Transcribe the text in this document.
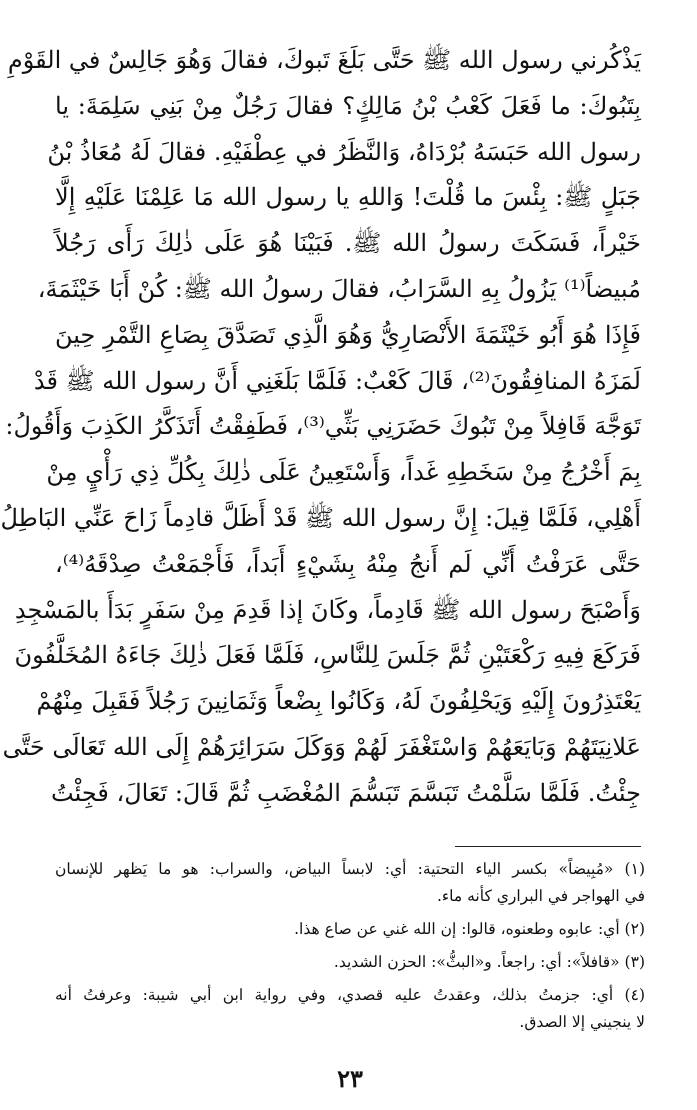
يَذْكُرني رسول الله ﷺ حَتَّى بَلَغَ تَبوكَ، فقالَ وَهُوَ جَالِسٌ في القَوْمِ
بِتَبُوكَ: ما فَعَلَ كَعْبُ بْنُ مَالِكٍ؟ فقالَ رَجُلٌ مِنْ بَنِي سَلِمَةَ: يا
رسول الله حَبَسَهُ بُرْدَاهُ، وَالنَّظَرُ في عِطْفَيْهِ. فقالَ لَهُ مُعَاذُ بْنُ
جَبَلٍ ﷺ: بِئْسَ ما قُلْتَ! وَاللهِ يا رسول الله مَا عَلِمْنَا عَلَيْهِ إِلَّا
خَيْراً، فَسَكَتَ رسولُ الله ﷺ. فَبَيْنَا هُوَ عَلَى ذٰلِكَ رَأَى رَجُلاً
مُبيضاً⁽¹⁾ يَزُولُ بِهِ السَّرَابُ، فقالَ رسولُ الله ﷺ: كُنْ أَبَا خَيْثَمَةَ،
فَإِذَا هُوَ أَبُو خَيْثَمَةَ الأَنْصَارِيُّ وَهُوَ الَّذِي تَصَدَّقَ بِصَاعِ التَّمْرِ حِينَ
لَمَزَهُ المنافِقُونَ⁽²⁾، قَالَ كَعْبٌ: فَلَمَّا بَلَغَنِي أَنَّ رسول الله ﷺ قَدْ
تَوَجَّهَ قَافِلاً مِنْ تَبُوكَ حَضَرَنِي بَثِّي⁽³⁾، فَطَفِقْتُ أَتَذَكَّرُ الكَذِبَ وَأَقُولُ:
بِمَ أَخْرُجُ مِنْ سَخَطِهِ غَداً، وَأَسْتَعِينُ عَلَى ذٰلِكَ بِكُلِّ ذِي رَأْيٍ مِنْ
أَهْلِي، فَلَمَّا قِيلَ: إِنَّ رسول الله ﷺ قَدْ أَظَلَّ قادِماً زَاحَ عَنِّي البَاطِلُ
حَتَّى عَرَفْتُ أَنِّي لَم أَنجُ مِنْهُ بِشَيْءٍ أَبَداً، فَأَجْمَعْتُ صِدْقَهُ⁽⁴⁾،
وَأَصْبَحَ رسول الله ﷺ قَادِماً، وكَانَ إذا قَدِمَ مِنْ سَفَرٍ بَدَأَ بالمَسْجِدِ
فَرَكَعَ فِيهِ رَكْعَتَيْنِ ثُمَّ جَلَسَ لِلنَّاسِ، فَلَمَّا فَعَلَ ذٰلِكَ جَاءَهُ المُخَلَّفُونَ
يَعْتَذِرُونَ إِلَيْهِ وَيَحْلِفُونَ لَهُ، وَكَانُوا بِضْعاً وَثَمَانِينَ رَجُلاً فَقَبِلَ مِنْهُمْ
عَلانِيَتَهُمْ وَبَايَعَهُمْ وَاسْتَغْفَرَ لَهُمْ وَوَكَلَ سَرَائِرَهُمْ إِلَى الله تَعَالَى حَتَّى
جِئْتُ. فَلَمَّا سَلَّمْتُ تَبَسَّمَ تَبَسُّمَ المُغْضَبِ ثُمَّ قَالَ: تَعَالَ، فَجِئْتُ
(١) «مُبِيضاً» بكسر الياء التحتية: أي: لابساً البياض، والسراب: هو ما يَظهر للإنسان
في الهواجر في البراري كأنه ماء.
(٢) أي: عابوه وطعنوه، قالوا: إن الله غني عن صاع هذا.
(٣) «قافلاً»: أي: راجعاً. و«البثُّ»: الحزن الشديد.
(٤) أي: جزمتُ بذلك، وعقدتُ عليه قصدي، وفي رواية ابن أبي شيبة: وعرفتُ أنه
لا ينجيني إلا الصدق.
٢٣
